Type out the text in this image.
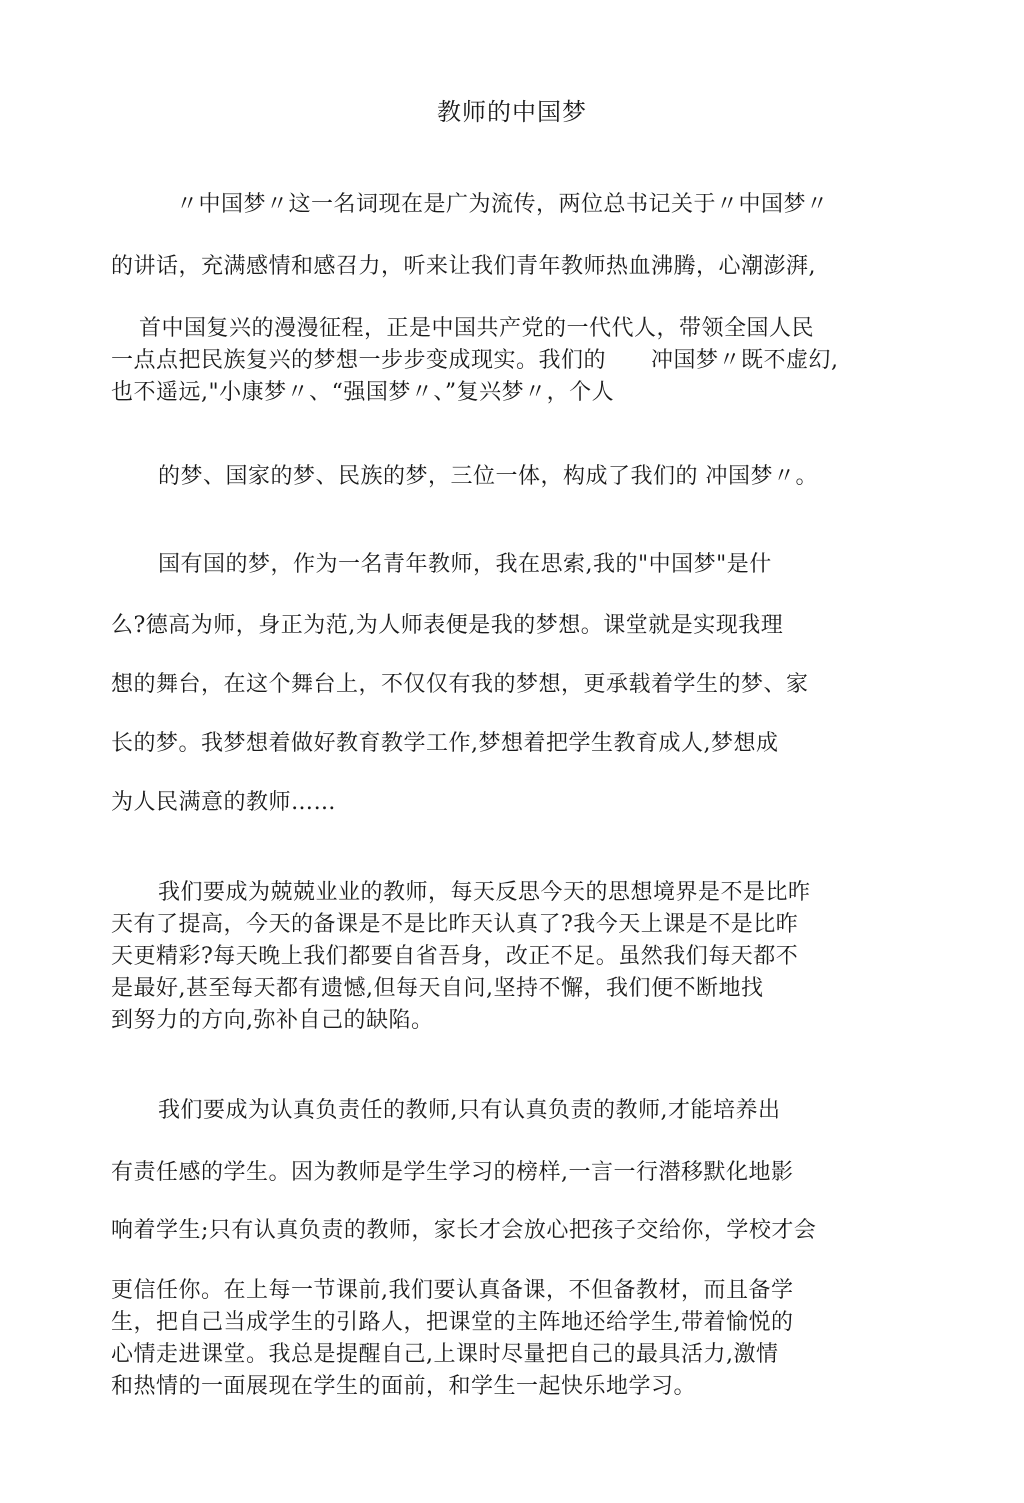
教师的中国梦
〃中国梦〃这一名词现在是广为流传，两位总书记关于〃中国梦〃
的讲话，充满感情和感召力，听来让我们青年教师热血沸腾，心潮澎湃,
首中国复兴的漫漫征程，正是中国共产党的一代代人，带领全国人民
一点点把民族复兴的梦想一步步变成现实。我们的　　冲国梦〃既不虚幻,
也不遥远,"小康梦〃、“强国梦〃、”复兴梦〃，个人
的梦、国家的梦、民族的梦，三位一体，构成了我们的 冲国梦〃。
国有国的梦，作为一名青年教师，我在思索,我的"中国梦"是什
么?德高为师，身正为范,为人师表便是我的梦想。课堂就是实现我理
想的舞台，在这个舞台上，不仅仅有我的梦想，更承载着学生的梦、家
长的梦。我梦想着做好教育教学工作,梦想着把学生教育成人,梦想成
为人民满意的教师……
我们要成为兢兢业业的教师，每天反思今天的思想境界是不是比昨
天有了提高，今天的备课是不是比昨天认真了?我今天上课是不是比昨
天更精彩?每天晚上我们都要自省吾身，改正不足。虽然我们每天都不
是最好,甚至每天都有遗憾,但每天自问,坚持不懈，我们便不断地找
到努力的方向,弥补自己的缺陷。
我们要成为认真负责任的教师,只有认真负责的教师,才能培养出
有责任感的学生。因为教师是学生学习的榜样,一言一行潜移默化地影
响着学生;只有认真负责的教师，家长才会放心把孩子交给你，学校才会
更信任你。在上每一节课前,我们要认真备课，不但备教材，而且备学
生，把自己当成学生的引路人，把课堂的主阵地还给学生,带着愉悦的
心情走进课堂。我总是提醒自己,上课时尽量把自己的最具活力,激情
和热情的一面展现在学生的面前，和学生一起快乐地学习。
